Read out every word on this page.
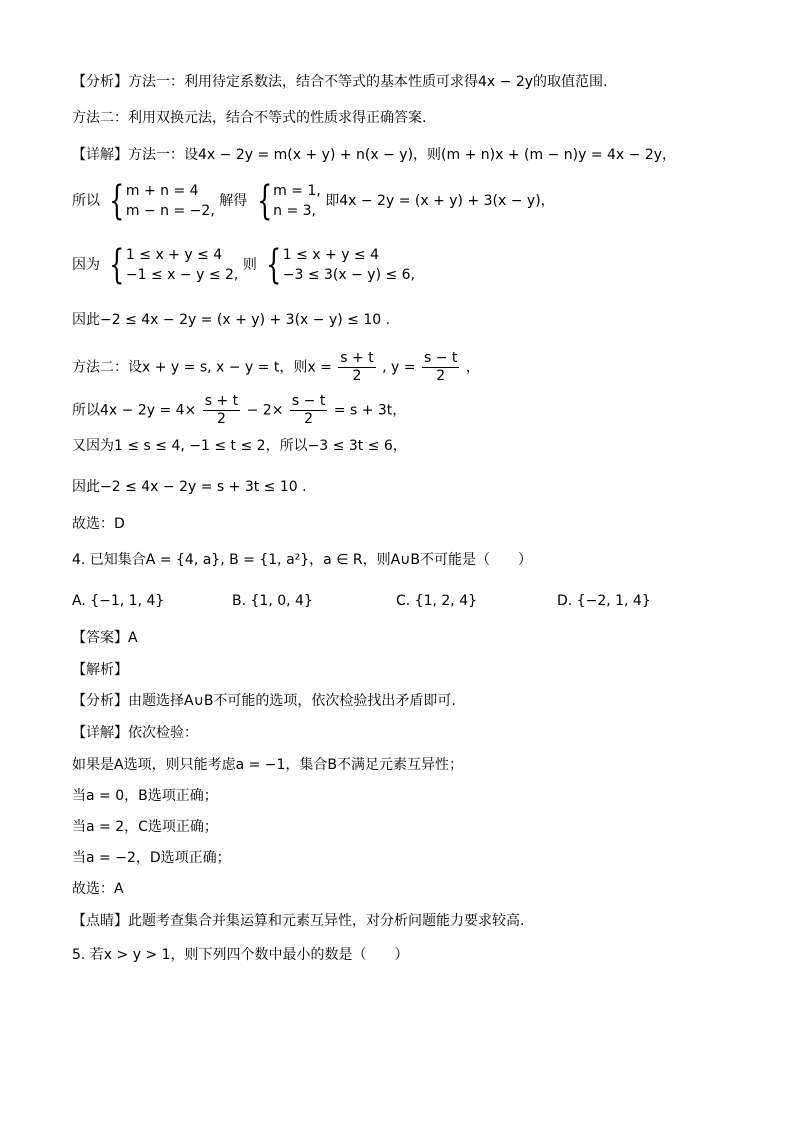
【分析】方法一：利用待定系数法，结合不等式的基本性质可求得4x − 2y的取值范围.
方法二：利用双换元法，结合不等式的性质求得正确答案.
【详解】方法一：设4x − 2y = m(x + y) + n(x − y)，则(m + n)x + (m − n)y = 4x − 2y，
所以 { m + n = 4
m − n = −2,
解得 { m = 1,
n = 3,
即4x − 2y = (x + y) + 3(x − y)，
因为 { 1 ≤ x + y ≤ 4
−1 ≤ x − y ≤ 2,
则 { 1 ≤ x + y ≤ 4
−3 ≤ 3(x − y) ≤ 6,
因此−2 ≤ 4x − 2y = (x + y) + 3(x − y) ≤ 10 .
方法二：设x + y = s, x − y = t，则$x = \frac{s + t}{2}$ , $y = \frac{s - t}{2}$ ，
所以$4x - 2y = 4\times \frac{s + t}{2} - 2\times \frac{s - t}{2} = s + 3t$，
又因为1 ≤ s ≤ 4, −1 ≤ t ≤ 2，所以−3 ≤ 3t ≤ 6，
因此−2 ≤ 4x − 2y = s + 3t ≤ 10 .
故选：D
4. 已知集合A = {4, a}, B = {1, a²}，a ∈ R，则A∪B不可能是（　　）
A. {−1, 1, 4}	B. {1, 0, 4}	C. {1, 2, 4}	D. {−2, 1, 4}
【答案】A
【解析】
【分析】由题选择A∪B不可能的选项，依次检验找出矛盾即可.
【详解】依次检验：
如果是A选项，则只能考虑a = −1，集合B不满足元素互异性；
当a = 0，B选项正确；
当a = 2，C选项正确；
当a = −2，D选项正确；
故选：A
【点睛】此题考查集合并集运算和元素互异性，对分析问题能力要求较高.
5. 若x > y > 1，则下列四个数中最小的数是（　　）
